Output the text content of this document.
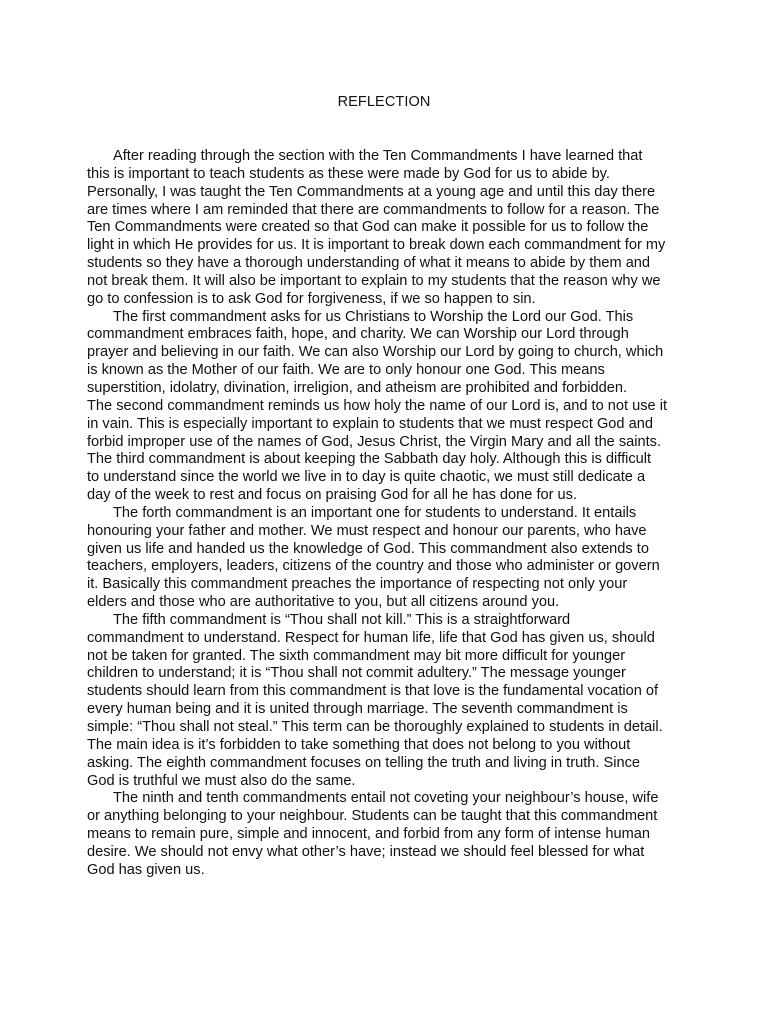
REFLECTION
After reading through the section with the Ten Commandments I have learned that
this is important to teach students as these were made by God for us to abide by.
Personally, I was taught the Ten Commandments at a young age and until this day there
are times where I am reminded that there are commandments to follow for a reason. The
Ten Commandments were created so that God can make it possible for us to follow the
light in which He provides for us. It is important to break down each commandment for my
students so they have a thorough understanding of what it means to abide by them and
not break them. It will also be important to explain to my students that the reason why we
go to confession is to ask God for forgiveness, if we so happen to sin.
The first commandment asks for us Christians to Worship the Lord our God. This
commandment embraces faith, hope, and charity. We can Worship our Lord through
prayer and believing in our faith. We can also Worship our Lord by going to church, which
is known as the Mother of our faith. We are to only honour one God. This means
superstition, idolatry, divination, irreligion, and atheism are prohibited and forbidden.
The second commandment reminds us how holy the name of our Lord is, and to not use it
in vain. This is especially important to explain to students that we must respect God and
forbid improper use of the names of God, Jesus Christ, the Virgin Mary and all the saints.
The third commandment is about keeping the Sabbath day holy. Although this is difficult
to understand since the world we live in to day is quite chaotic, we must still dedicate a
day of the week to rest and focus on praising God for all he has done for us.
The forth commandment is an important one for students to understand. It entails
honouring your father and mother. We must respect and honour our parents, who have
given us life and handed us the knowledge of God. This commandment also extends to
teachers, employers, leaders, citizens of the country and those who administer or govern
it. Basically this commandment preaches the importance of respecting not only your
elders and those who are authoritative to you, but all citizens around you.
The fifth commandment is “Thou shall not kill.” This is a straightforward
commandment to understand. Respect for human life, life that God has given us, should
not be taken for granted. The sixth commandment may bit more difficult for younger
children to understand; it is “Thou shall not commit adultery.” The message younger
students should learn from this commandment is that love is the fundamental vocation of
every human being and it is united through marriage. The seventh commandment is
simple: “Thou shall not steal.” This term can be thoroughly explained to students in detail.
The main idea is it’s forbidden to take something that does not belong to you without
asking. The eighth commandment focuses on telling the truth and living in truth. Since
God is truthful we must also do the same.
The ninth and tenth commandments entail not coveting your neighbour’s house, wife
or anything belonging to your neighbour. Students can be taught that this commandment
means to remain pure, simple and innocent, and forbid from any form of intense human
desire. We should not envy what other’s have; instead we should feel blessed for what
God has given us.
